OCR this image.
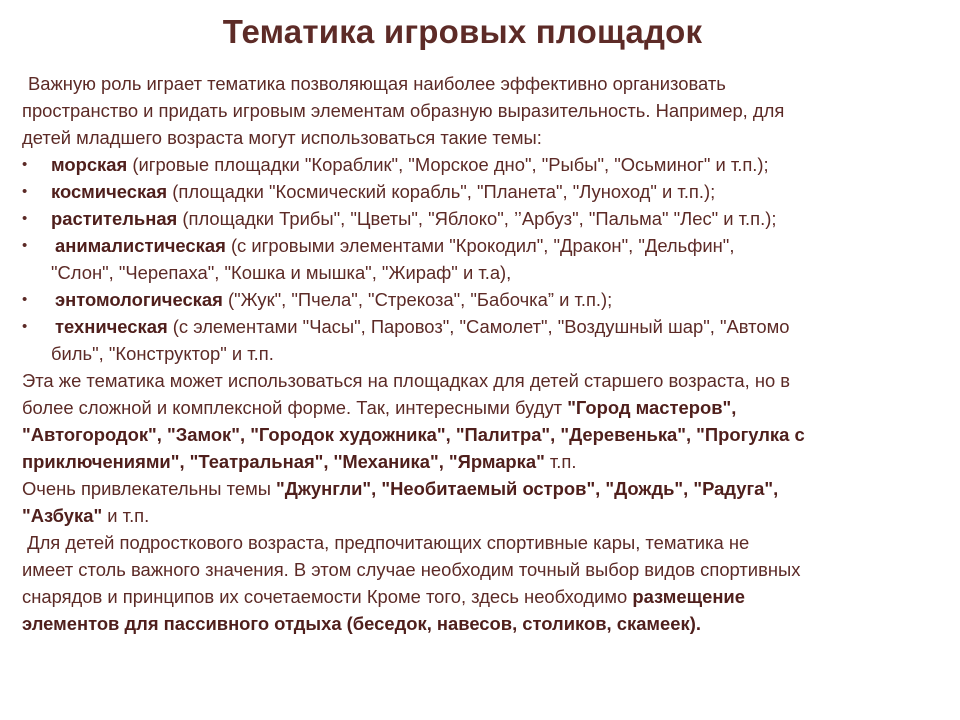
Тематика игровых площадок

Важную роль играет тематика позволяющая наиболее эффективно организовать
пространство и придать игровым элементам образную выразительность. Например, для
детей младшего возраста могут использоваться такие темы:

• морская (игровые площадки "Кораблик", "Морское дно", "Рыбы", "Осьминог" и т.п.);
• космическая (площадки "Космический корабль", "Планета", "Луноход" и т.п.);
• растительная (площадки Трибы", "Цветы", "Яблоко", ’’Арбуз", "Пальма" "Лес" и т.п.);
• анималистическая (с игровыми элементами "Крокодил", "Дракон", "Дельфин",
"Слон", "Черепаха", "Кошка и мышка", "Жираф" и т.а),
• энтомологическая ("Жук", "Пчела", "Стрекоза", "Бабочка” и т.п.);
• техническая (с элементами "Часы", Паровоз", "Самолет", "Воздушный шар", "Автомо
биль", "Конструктор" и т.п.

Эта же тематика может использоваться на площадках для детей старшего возраста, но в
более сложной и комплексной форме. Так, интересными будут "Город мастеров",
"Автогородок", "Замок", "Городок художника", "Палитра", "Деревенька", "Прогулка с
приключениями", "Театральная", ''Механика", "Ярмарка" т.п.

Очень привлекательны темы "Джунгли", "Необитаемый остров", "Дождь", "Радуга",
"Азбука" и т.п.

Для детей подросткового возраста, предпочитающих спортивные кары, тематика не
имеет столь важного значения. В этом случае необходим точный выбор видов спортивных
снарядов и принципов их сочетаемости Кроме того, здесь необходимо размещение
элементов для пассивного отдыха (беседок, навесов, столиков, скамеек).
